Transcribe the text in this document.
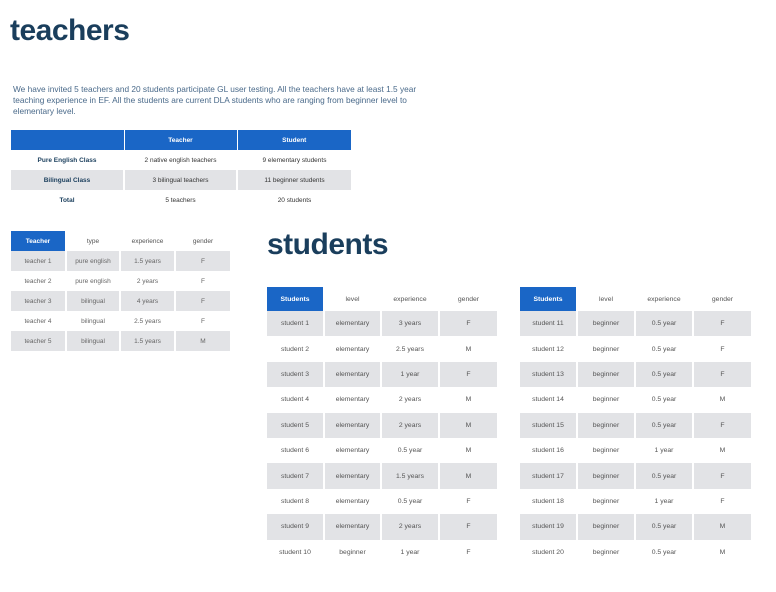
teachers

We have invited 5 teachers and 20 students participate GL user testing. All the teachers have at least 1.5 year teaching experience in EF. All the students are current DLA students who are ranging from beginner level to elementary level.

	Teacher	Student
Pure English Class	2 native english teachers	9 elementary students
Bilingual Class	3 bilingual teachers	11 beginner students
Total	5 teachers	20 students
Teacher	type	experience	gender
teacher 1	pure english	1.5 years	F
teacher 2	pure english	2 years	F
teacher 3	bilingual	4 years	F
teacher 4	bilingual	2.5 years	F
teacher 5	bilingual	1.5 years	M
students
Students	level	experience	gender
student 1	elementary	3 years	F
student 2	elementary	2.5 years	M
student 3	elementary	1 year	F
student 4	elementary	2 years	M
student 5	elementary	2 years	M
student 6	elementary	0.5 year	M
student 7	elementary	1.5 years	M
student 8	elementary	0.5 year	F
student 9	elementary	2 years	F
student 10	beginner	1 year	F
Students	level	experience	gender
student 11	beginner	0.5 year	F
student 12	beginner	0.5 year	F
student 13	beginner	0.5 year	F
student 14	beginner	0.5 year	M
student 15	beginner	0.5 year	F
student 16	beginner	1 year	M
student 17	beginner	0.5 year	F
student 18	beginner	1 year	F
student 19	beginner	0.5 year	M
student 20	beginner	0.5 year	M
